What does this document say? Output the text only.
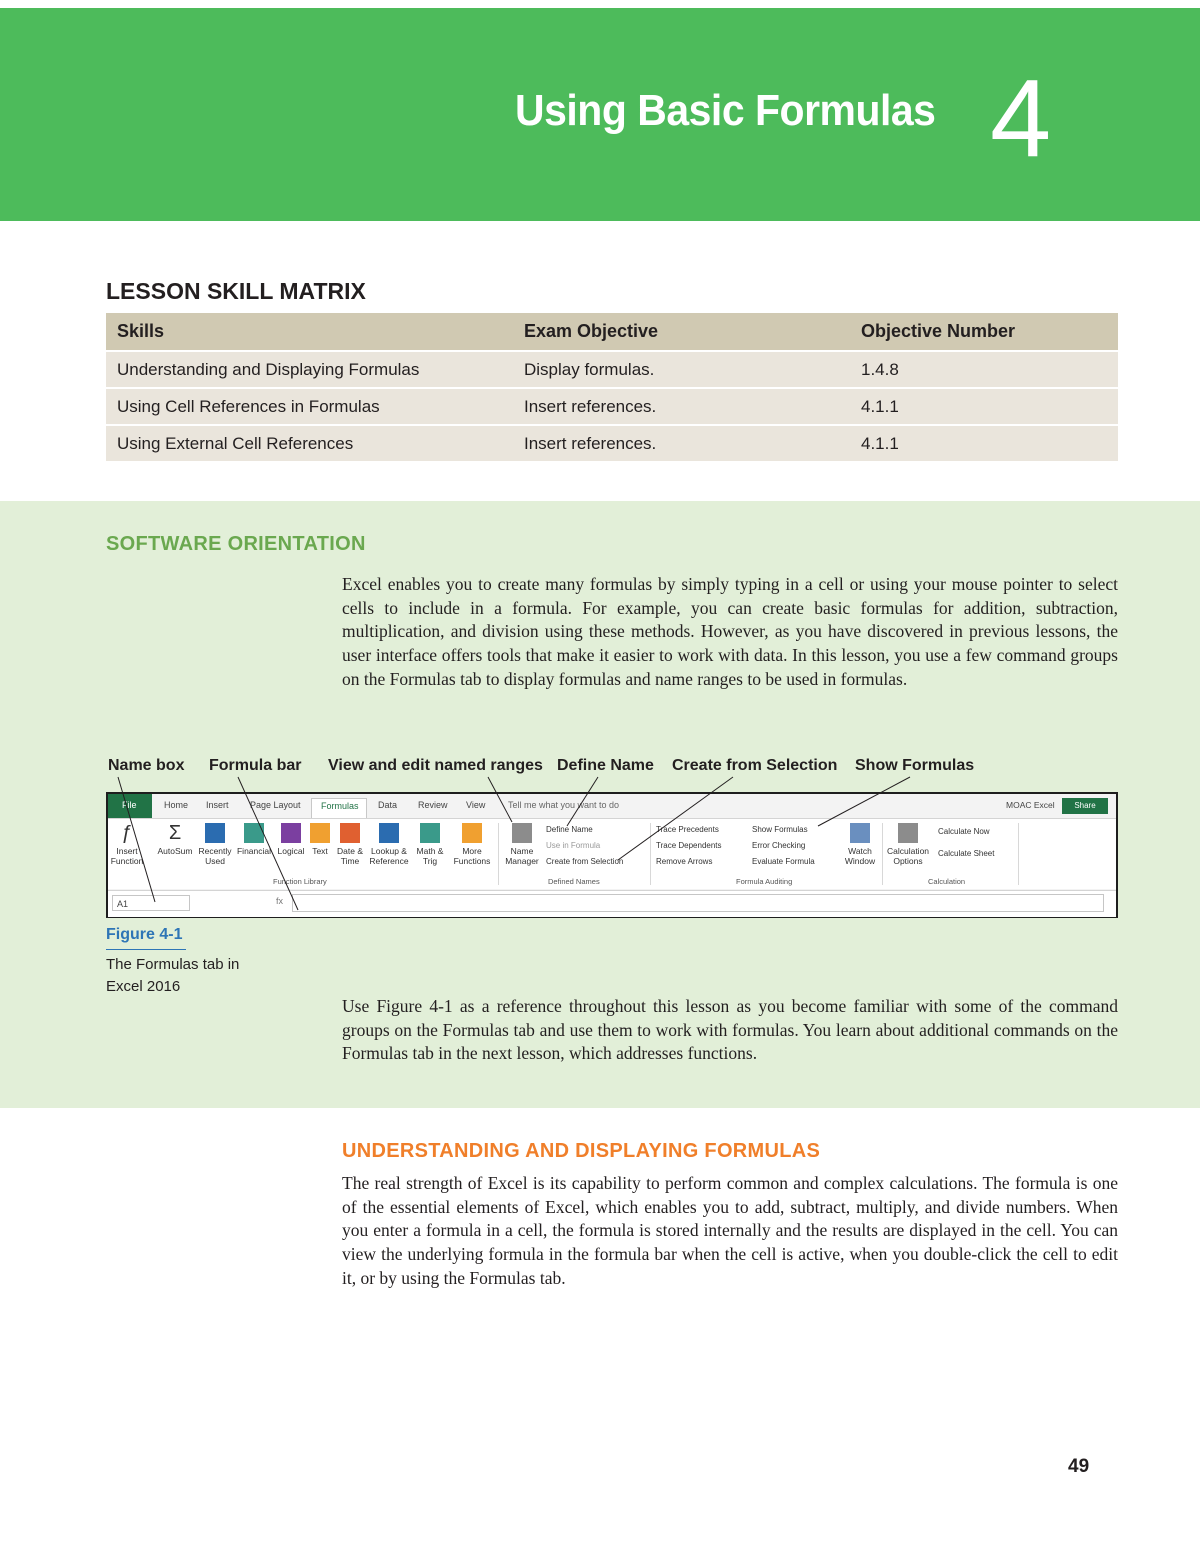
Using Basic Formulas 4
LESSON SKILL MATRIX
Skills	Exam Objective	Objective Number
Understanding and Displaying Formulas	Display formulas.	1.4.8
Using Cell References in Formulas	Insert references.	4.1.1
Using External Cell References	Insert references.	4.1.1
SOFTWARE ORIENTATION
Excel enables you to create many formulas by simply typing in a cell or using your mouse pointer to select cells to include in a formula. For example, you can create basic formulas for addition, subtraction, multiplication, and division using these methods. However, as you have discovered in previous lessons, the user interface offers tools that make it easier to work with data. In this lesson, you use a few command groups on the Formulas tab to display formulas and name ranges to be used in formulas.
Name box Formula bar View and edit named ranges Define Name Create from Selection Show Formulas
File	Home Insert Page Layout Formulas Data Review View	Tell me what you want to do	MOAC Excel	Share
ƒ
Insert Function
Σ
AutoSum Recently Used
Financial Logical Text	Date & Time
Lookup & Reference
Math & Trig
More Functions
Function Library
Name Manager
Define Name
Use in Formula
Create from Selection
Defined Names
Trace Precedents
Trace Dependents
Remove Arrows
Show Formulas
Error Checking
Evaluate Formula
Watch Window
Formula Auditing
Calculation Options
Calculate Now
Calculate Sheet
Calculation
A1	fx
Figure 4-1
The Formulas tab in Excel 2016
Use Figure 4-1 as a reference throughout this lesson as you become familiar with some of the command groups on the Formulas tab and use them to work with formulas. You learn about additional commands on the Formulas tab in the next lesson, which addresses functions.
UNDERSTANDING AND DISPLAYING FORMULAS
The real strength of Excel is its capability to perform common and complex calculations. The formula is one of the essential elements of Excel, which enables you to add, subtract, multiply, and divide numbers. When you enter a formula in a cell, the formula is stored internally and the results are displayed in the cell. You can view the underlying formula in the formula bar when the cell is active, when you double-click the cell to edit it, or by using the Formulas tab.
49
